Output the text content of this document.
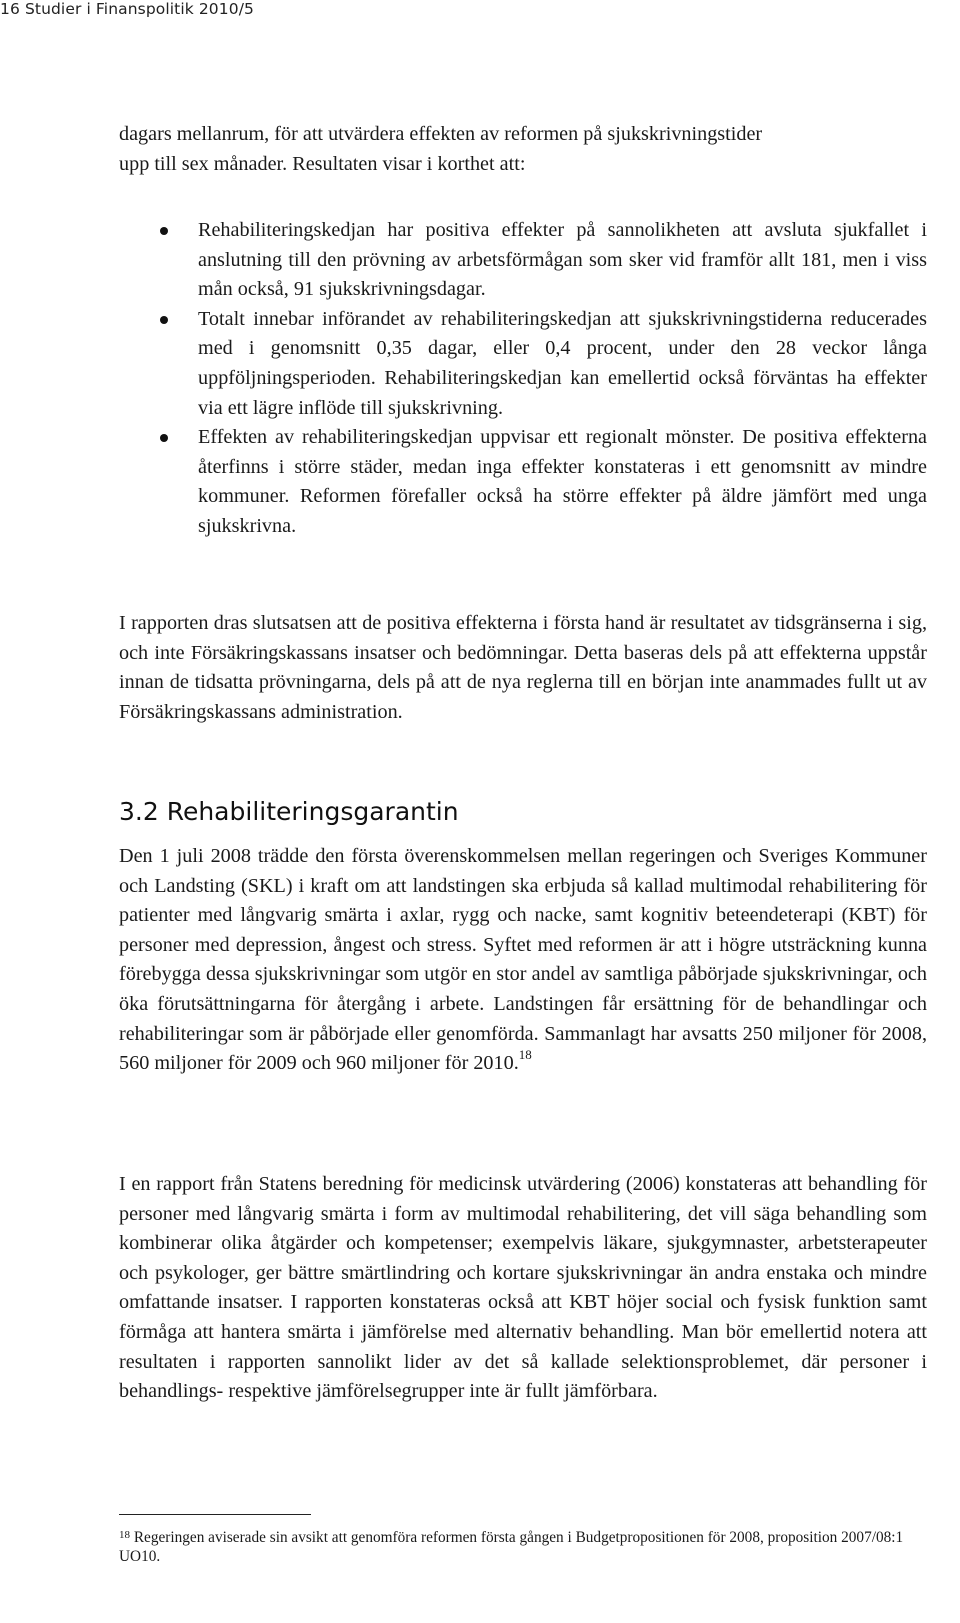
16 Studier i Finanspolitik 2010/5

dagars mellanrum, för att utvärdera effekten av reformen på sjukskrivningstider

upp till sex månader. Resultaten visar i korthet att:

Rehabiliteringskedjan har positiva effekter på sannolikheten att avsluta sjukfallet i anslutning till den prövning av arbetsförmågan som sker vid framför allt 181, men i viss mån också, 91 sjukskrivningsdagar.
Totalt innebar införandet av rehabiliteringskedjan att sjukskrivningstiderna reducerades med i genomsnitt 0,35 dagar, eller 0,4 procent, under den 28 veckor långa uppföljningsperioden. Rehabiliteringskedjan kan emellertid också förväntas ha effekter via ett lägre inflöde till sjukskrivning.
Effekten av rehabiliteringskedjan uppvisar ett regionalt mönster. De positiva effekterna återfinns i större städer, medan inga effekter konstateras i ett genomsnitt av mindre kommuner. Reformen förefaller också ha större effekter på äldre jämfört med unga sjukskrivna.

I rapporten dras slutsatsen att de positiva effekterna i första hand är resultatet av tidsgränserna i sig, och inte Försäkringskassans insatser och bedömningar. Detta baseras dels på att effekterna uppstår innan de tidsatta prövningarna, dels på att de nya reglerna till en början inte anammades fullt ut av Försäkringskassans administration.

3.2 Rehabiliteringsgarantin

Den 1 juli 2008 trädde den första överenskommelsen mellan regeringen och Sveriges Kommuner och Landsting (SKL) i kraft om att landstingen ska erbjuda så kallad multimodal rehabilitering för patienter med långvarig smärta i axlar, rygg och nacke, samt kognitiv beteendeterapi (KBT) för personer med depression, ångest och stress. Syftet med reformen är att i högre utsträckning kunna förebygga dessa sjukskrivningar som utgör en stor andel av samtliga påbörjade sjukskrivningar, och öka förutsättningarna för återgång i arbete. Landstingen får ersättning för de behandlingar och rehabiliteringar som är påbörjade eller genomförda. Sammanlagt har avsatts 250 miljoner för 2008, 560 miljoner för 2009 och 960 miljoner för 2010.18

I en rapport från Statens beredning för medicinsk utvärdering (2006) konstateras att behandling för personer med långvarig smärta i form av multimodal rehabilitering, det vill säga behandling som kombinerar olika åtgärder och kompetenser; exempelvis läkare, sjukgymnaster, arbetsterapeuter och psykologer, ger bättre smärtlindring och kortare sjukskrivningar än andra enstaka och mindre omfattande insatser. I rapporten konstateras också att KBT höjer social och fysisk funktion samt förmåga att hantera smärta i jämförelse med alternativ behandling. Man bör emellertid notera att resultaten i rapporten sannolikt lider av det så kallade selektionsproblemet, där personer i behandlings- respektive jämförelsegrupper inte är fullt jämförbara.

$^{18}$ Regeringen aviserade sin avsikt att genomföra reformen första gången i Budgetpropositionen för 2008, proposition 2007/08:1 UO10.
